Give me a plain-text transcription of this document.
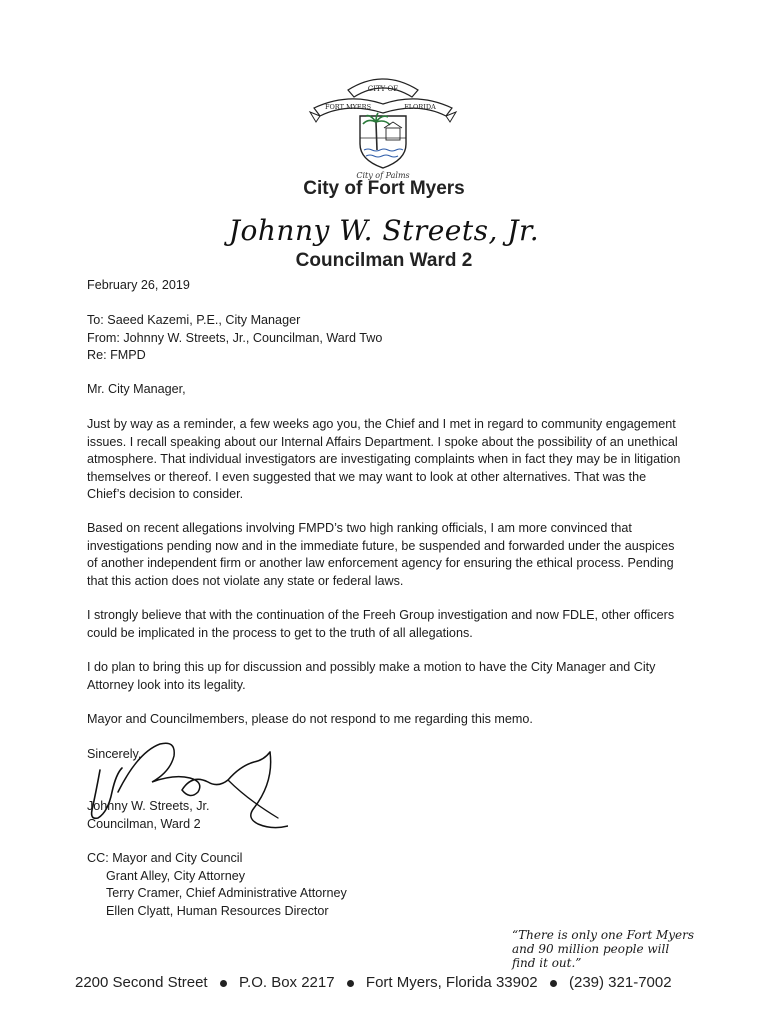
CITY OF
FORT MYERS	FLORIDA
City of Palms
City of Fort Myers
Johnny W. Streets, Jr.
Councilman Ward 2
February 26, 2019

To: Saeed Kazemi, P.E., City Manager

From: Johnny W. Streets, Jr., Councilman, Ward Two

Re: FMPD

Mr. City Manager,
Just by way as a reminder, a few weeks ago you, the Chief and I met in regard to community engagement issues. I recall speaking about our Internal Affairs Department. I spoke about the possibility of an unethical atmosphere. That individual investigators are investigating complaints when in fact they may be in litigation themselves or thereof. I even suggested that we may want to look at other alternatives. That was the Chief’s decision to consider.
Based on recent allegations involving FMPD’s two high ranking officials, I am more convinced that investigations pending now and in the immediate future, be suspended and forwarded under the auspices of another independent firm or another law enforcement agency for ensuring the ethical process. Pending that this action does not violate any state or federal laws.
I strongly believe that with the continuation of the Freeh Group investigation and now FDLE, other officers could be implicated in the process to get to the truth of all allegations.
I do plan to bring this up for discussion and possibly make a motion to have the City Manager and City Attorney look into its legality.
Mayor and Councilmembers, please do not respond to me regarding this memo.
Sincerely,
Johnny W. Streets, Jr.
Councilman, Ward 2

CC: Mayor and City Council

Grant Alley, City Attorney

Terry Cramer, Chief Administrative Attorney

Ellen Clyatt, Human Resources Director

“There is only one Fort Myers

and 90 million people will

find it out.”

2200 Second Street P.O. Box 2217 Fort Myers, Florida 33902 (239) 321-7002
